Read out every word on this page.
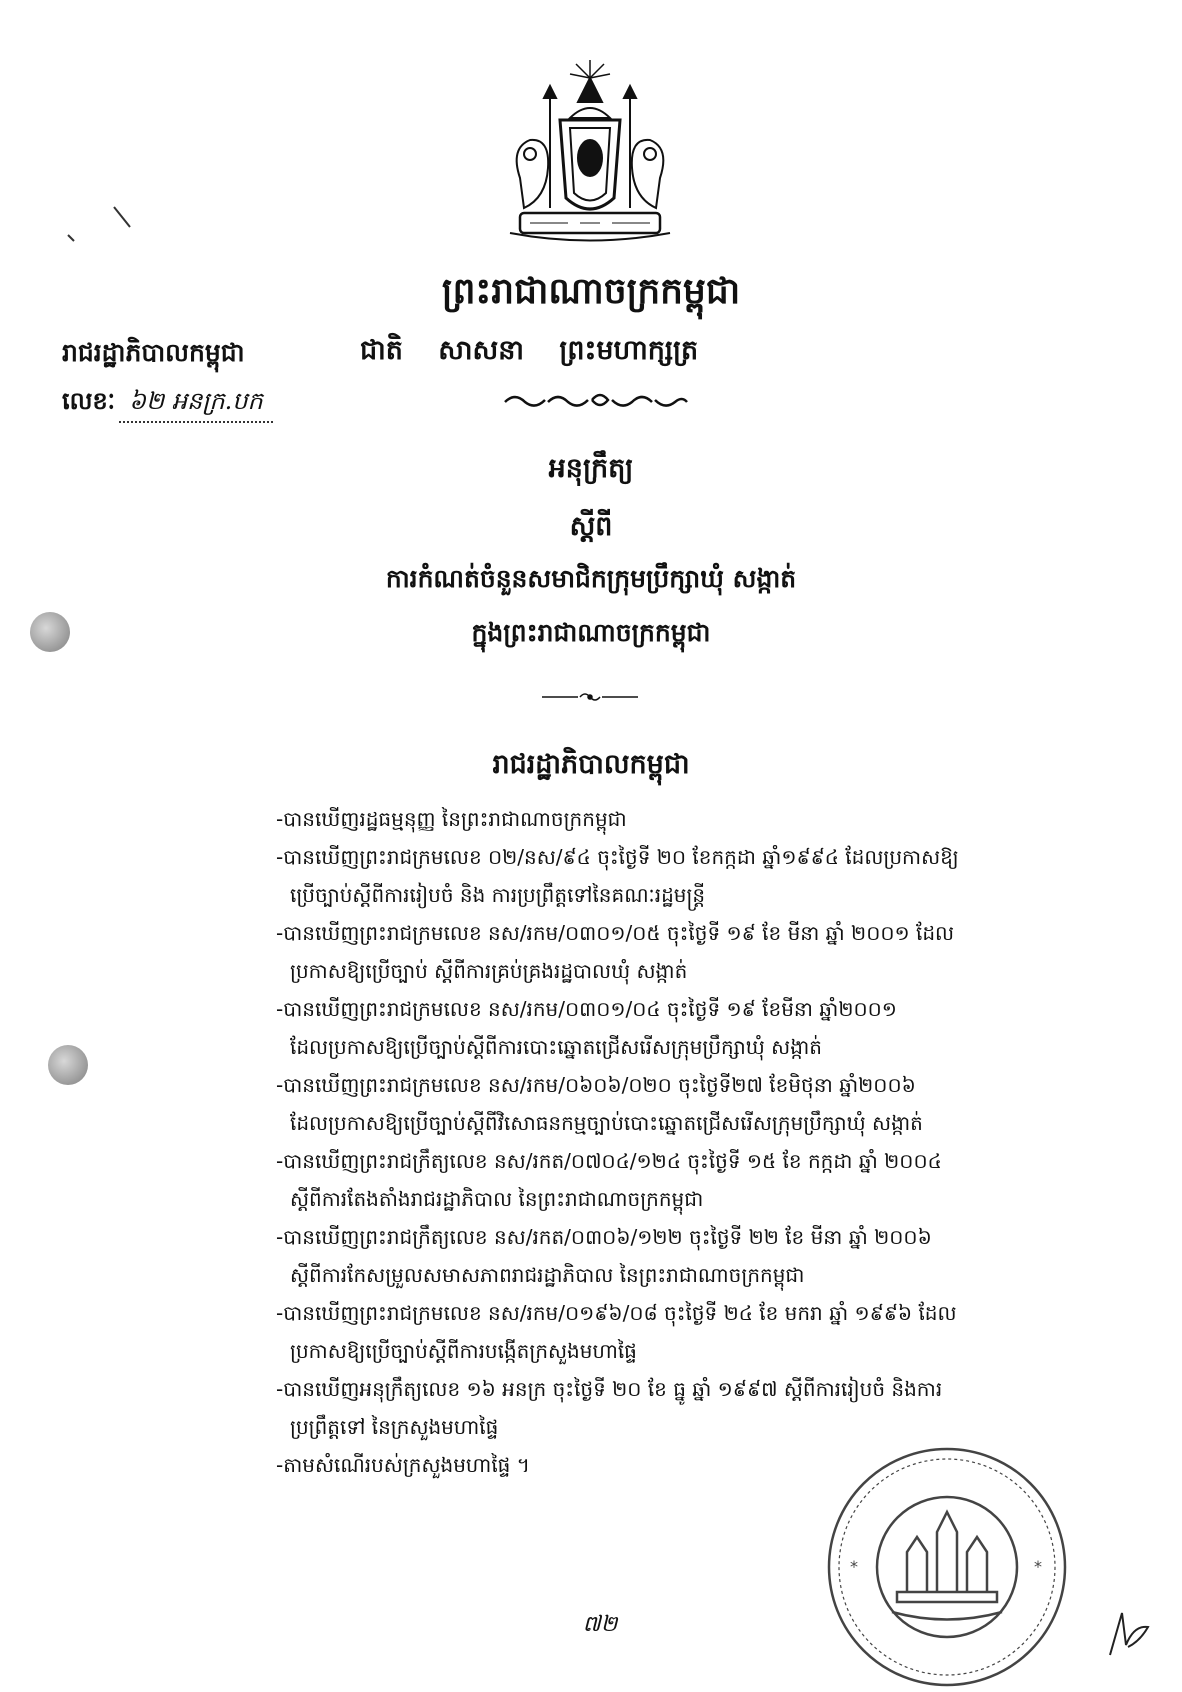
ព្រះរាជាណាចក្រកម្ពុជា
រាជរដ្ឋាភិបាលកម្ពុជា	ជាតិ សាសនា ព្រះមហាក្សត្រ
លេខៈ ៦២ អនក្រ.បក
អនុក្រឹត្យ
ស្តីពី
ការកំណត់ចំនួនសមាជិកក្រុមប្រឹក្សាឃុំ សង្កាត់
ក្នុងព្រះរាជាណាចក្រកម្ពុជា
រាជរដ្ឋាភិបាលកម្ពុជា
-បានឃើញរដ្ឋធម្មនុញ្ញ នៃព្រះរាជាណាចក្រកម្ពុជា
-បានឃើញព្រះរាជក្រមលេខ ០២/នស/៩៤ ចុះថ្ងៃទី ២០ ខែកក្កដា ឆ្នាំ១៩៩៤ ដែលប្រកាសឱ្យ
ប្រើច្បាប់ស្តីពីការរៀបចំ និង ការប្រព្រឹត្តទៅនៃគណៈរដ្ឋមន្ត្រី
-បានឃើញព្រះរាជក្រមលេខ នស/រកម/០៣០១/០៥ ចុះថ្ងៃទី ១៩ ខែ មីនា ឆ្នាំ ២០០១ ដែល
ប្រកាសឱ្យប្រើច្បាប់ ស្តីពីការគ្រប់គ្រងរដ្ឋបាលឃុំ សង្កាត់
-បានឃើញព្រះរាជក្រមលេខ នស/រកម/០៣០១/០៤ ចុះថ្ងៃទី ១៩ ខែមីនា ឆ្នាំ២០០១
ដែលប្រកាសឱ្យប្រើច្បាប់ស្តីពីការបោះឆ្នោតជ្រើសរើសក្រុមប្រឹក្សាឃុំ សង្កាត់
-បានឃើញព្រះរាជក្រមលេខ នស/រកម/០៦០៦/០២០ ចុះថ្ងៃទី២៧ ខែមិថុនា ឆ្នាំ២០០៦
ដែលប្រកាសឱ្យប្រើច្បាប់ស្តីពីវិសោធនកម្មច្បាប់បោះឆ្នោតជ្រើសរើសក្រុមប្រឹក្សាឃុំ សង្កាត់
-បានឃើញព្រះរាជក្រឹត្យលេខ នស/រកត/០៧០៤/១២៤ ចុះថ្ងៃទី ១៥ ខែ កក្កដា ឆ្នាំ ២០០៤
ស្តីពីការតែងតាំងរាជរដ្ឋាភិបាល នៃព្រះរាជាណាចក្រកម្ពុជា
-បានឃើញព្រះរាជក្រឹត្យលេខ នស/រកត/០៣០៦/១២២ ចុះថ្ងៃទី ២២ ខែ មីនា ឆ្នាំ ២០០៦
ស្តីពីការកែសម្រួលសមាសភាពរាជរដ្ឋាភិបាល នៃព្រះរាជាណាចក្រកម្ពុជា
-បានឃើញព្រះរាជក្រមលេខ នស/រកម/០១៩៦/០៨ ចុះថ្ងៃទី ២៤ ខែ មករា ឆ្នាំ ១៩៩៦ ដែល
ប្រកាសឱ្យប្រើច្បាប់ស្តីពីការបង្កើតក្រសួងមហាផ្ទៃ
-បានឃើញអនុក្រឹត្យលេខ ១៦ អនក្រ ចុះថ្ងៃទី ២០ ខែ ធ្នូ ឆ្នាំ ១៩៩៧ ស្តីពីការរៀបចំ និងការ
ប្រព្រឹត្តទៅ នៃក្រសួងមហាផ្ទៃ
-តាមសំណើរបស់ក្រសួងមហាផ្ទៃ ។
*	*
៧២
